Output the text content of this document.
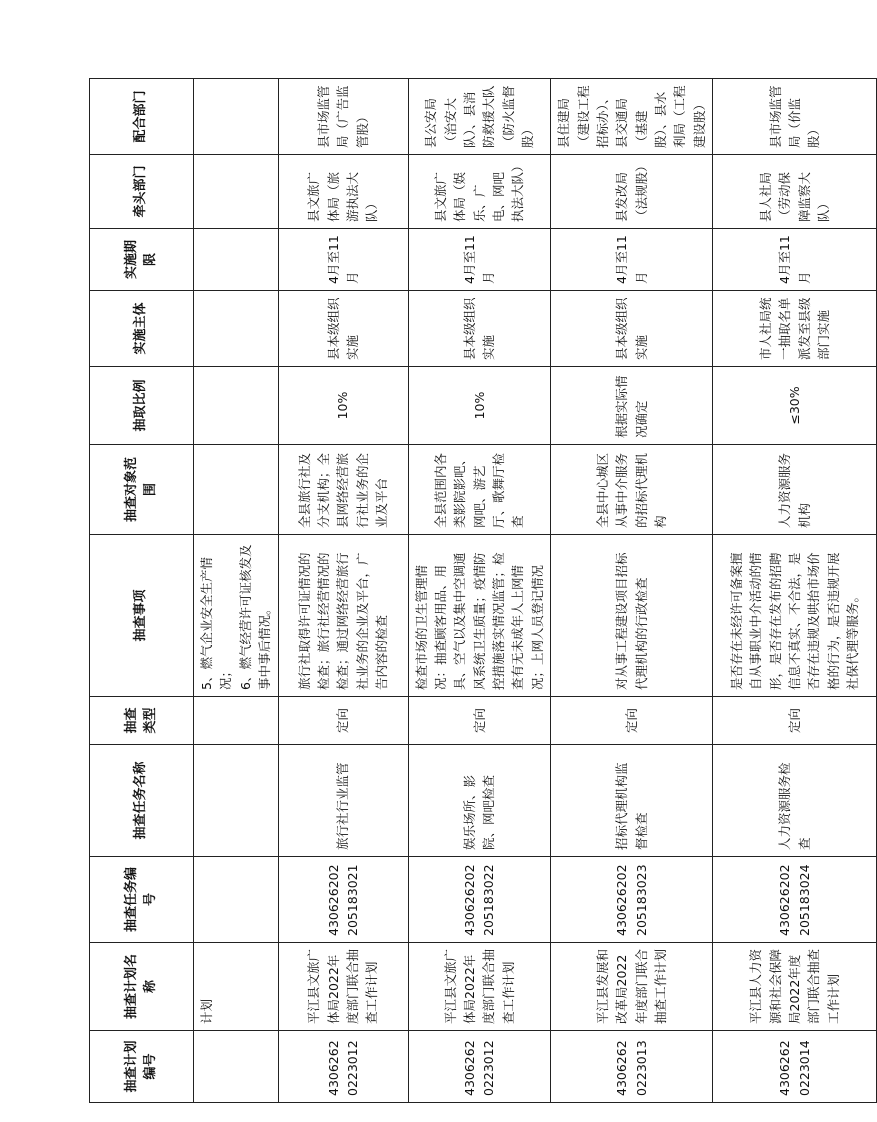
抽查计划编号	抽查计划名称	抽查任务编号	抽查任务名称	抽查类型	抽查事项	抽查对象范围	抽取比例	实施主体	实施期限	牵头部门	配合部门
	计划				5、燃气企业安全生产情况；
6、燃气经营许可证核发及事中事后情况。						
43062620223012	平江县文旅广体局2022年度部门联合抽查工作计划	430626202205183021	旅行社行业监管	定向	旅行社取得许可证情况的检查；旅行社经营情况的检查；通过网络经营旅行社业务的企业及平台，广告内容的检查	全县旅行社及分支机构；全县网络经营旅行社业务的企业及平台	10%	县本级组织实施	4月至11月	县文旅广体局（旅游执法大队）	县市场监管局（广告监管股）
43062620223012	平江县文旅广体局2022年度部门联合抽查工作计划	430626202205183022	娱乐场所、影院、网吧检查	定向	检查市场的卫生管理情况：抽查顾客用品、用具、空气以及集中空调通风系统卫生质量；疫情防控措施落实情况监管；检查有无未成年人上网情况；上网人员登记情况	全县范围内各类影院影吧、网吧、游艺厅、歌舞厅检查	10%	县本级组织实施	4月至11月	县文旅广体局（娱乐、广电、网吧执法大队）	县公安局（治安大队）、县消防救援大队（防火监督股）
43062620223013	平江县发展和改革局2022年度部门联合抽查工作计划	430626202205183023	招标代理机构监督检查	定向	对从事工程建设项目招标代理机构的行政检查	全县中心城区从事中介服务的招标代理机构	根据实际情况确定	县本级组织实施	4月至11月	县发改局（法规股）	县住建局（建设工程招标办）、县交通局（基建股）、县水利局（工程建设股）
43062620223014	平江县人力资源和社会保障局2022年度部门联合抽查工作计划	430626202205183024	人力资源服务检查	定向	是否存在未经许可备案擅自从事职业中介活动的情形，是否存在发布的招聘信息不真实、不合法，是否存在违规及哄抬市场价格的行为，是否违规开展社保代理等服务。	人力资源服务机构	≤30%	市人社局统一抽取名单派发至县级部门实施	4月至11月	县人社局（劳动保障监察大队）	县市场监管局（价监股）
